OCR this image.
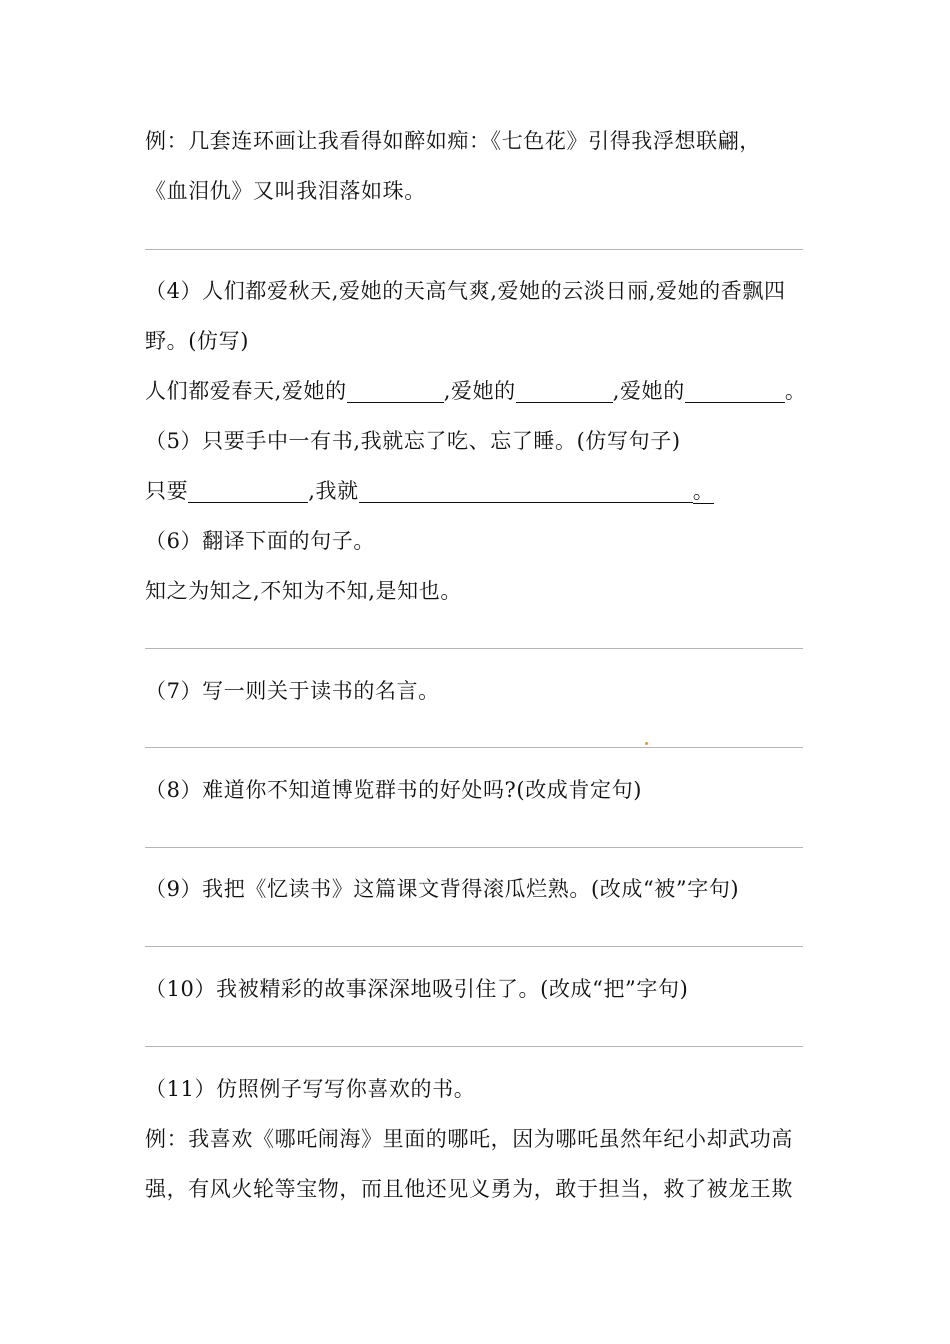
例：几套连环画让我看得如醉如痴：《七色花》引得我浮想联翩，
《血泪仇》又叫我泪落如珠。
（4）人们都爱秋天,爱她的天高气爽,爱她的云淡日丽,爱她的香飘四
野。(仿写)
人们都爱春天,爱她的	,爱她的	,爱她的	。
（5）只要手中一有书,我就忘了吃、忘了睡。(仿写句子)
只要	,我就	。
（6）翻译下面的句子。
知之为知之,不知为不知,是知也。
（7）写一则关于读书的名言。
（8）难道你不知道博览群书的好处吗?(改成肯定句)
（9）我把《忆读书》这篇课文背得滚瓜烂熟。(改成“被”字句)
（10）我被精彩的故事深深地吸引住了。(改成“把”字句)
（11）仿照例子写写你喜欢的书。
例：我喜欢《哪吒闹海》里面的哪吒，因为哪吒虽然年纪小却武功高
强，有风火轮等宝物，而且他还见义勇为，敢于担当，救了被龙王欺
